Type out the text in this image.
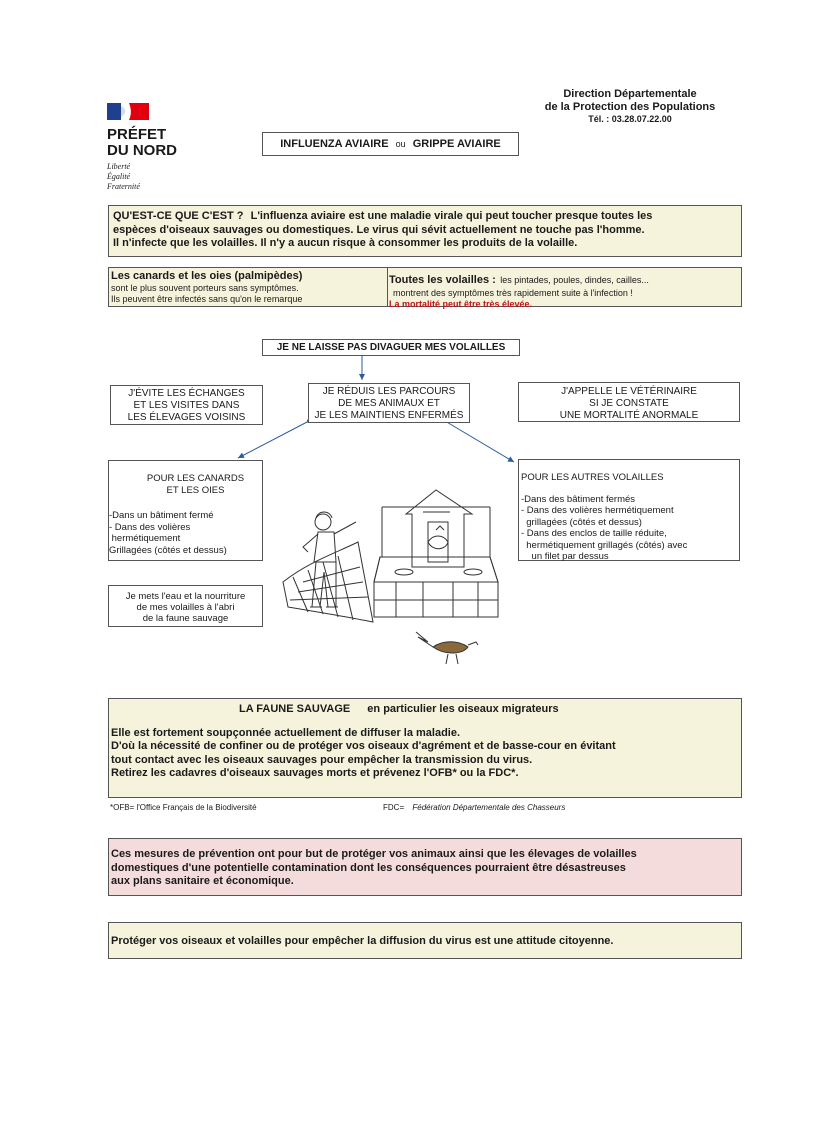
Direction Départementale
de la Protection des Populations
Tél. : 03.28.07.22.00
PRÉFET
DU NORD
Liberté
Égalité
Fraternité
INFLUENZA AVIAIRE ou GRIPPE AVIAIRE
QU'EST-CE QUE C'EST ? L'influenza aviaire est une maladie virale qui peut toucher presque toutes les
espèces d'oiseaux sauvages ou domestiques. Le virus qui sévit actuellement ne touche pas l'homme.
Il n'infecte que les volailles. Il n'y a aucun risque à consommer les produits de la volaille.
Les canards et les oies (palmipèdes)
sont le plus souvent porteurs sans symptômes.
Ils peuvent être infectés sans qu'on le remarque
Toutes les volailles : les pintades, poules, dindes, cailles...
montrent des symptômes très rapidement suite à l'infection !
La mortalité peut être très élevée.
JE NE LAISSE PAS DIVAGUER MES VOLAILLES
J'ÉVITE LES ÉCHANGES
ET LES VISITES DANS
LES ÉLEVAGES VOISINS
JE RÉDUIS LES PARCOURS
DE MES ANIMAUX ET
JE LES MAINTIENS ENFERMÉS
J'APPELLE LE VÉTÉRINAIRE
SI JE CONSTATE
UNE MORTALITÉ ANORMALE
POUR LES CANARDS
ET LES OIES
-Dans un bâtiment fermé
- Dans des volières
hermétiquement
Grillagées (côtés et dessus)
POUR LES AUTRES VOLAILLES
-Dans des bâtiment fermés
- Dans des volières hermétiquement
grillagées (côtés et dessus)
- Dans des enclos de taille réduite,
hermétiquement grillagés (côtés) avec
un filet par dessus
Je mets l'eau et la nourriture
de mes volailles à l'abri
de la faune sauvage
LA FAUNE SAUVAGE en particulier les oiseaux migrateurs
Elle est fortement soupçonnée actuellement de diffuser la maladie.
D'où la nécessité de confiner ou de protéger vos oiseaux d'agrément et de basse-cour en évitant
tout contact avec les oiseaux sauvages pour empêcher la transmission du virus.
Retirez les cadavres d'oiseaux sauvages morts et prévenez l'OFB* ou la FDC*.
*OFB= l'Office Français de la Biodiversité	FDC= Fédération Départementale des Chasseurs
Ces mesures de prévention ont pour but de protéger vos animaux ainsi que les élevages de volailles
domestiques d'une potentielle contamination dont les conséquences pourraient être désastreuses
aux plans sanitaire et économique.
Protéger vos oiseaux et volailles pour empêcher la diffusion du virus est une attitude citoyenne.
